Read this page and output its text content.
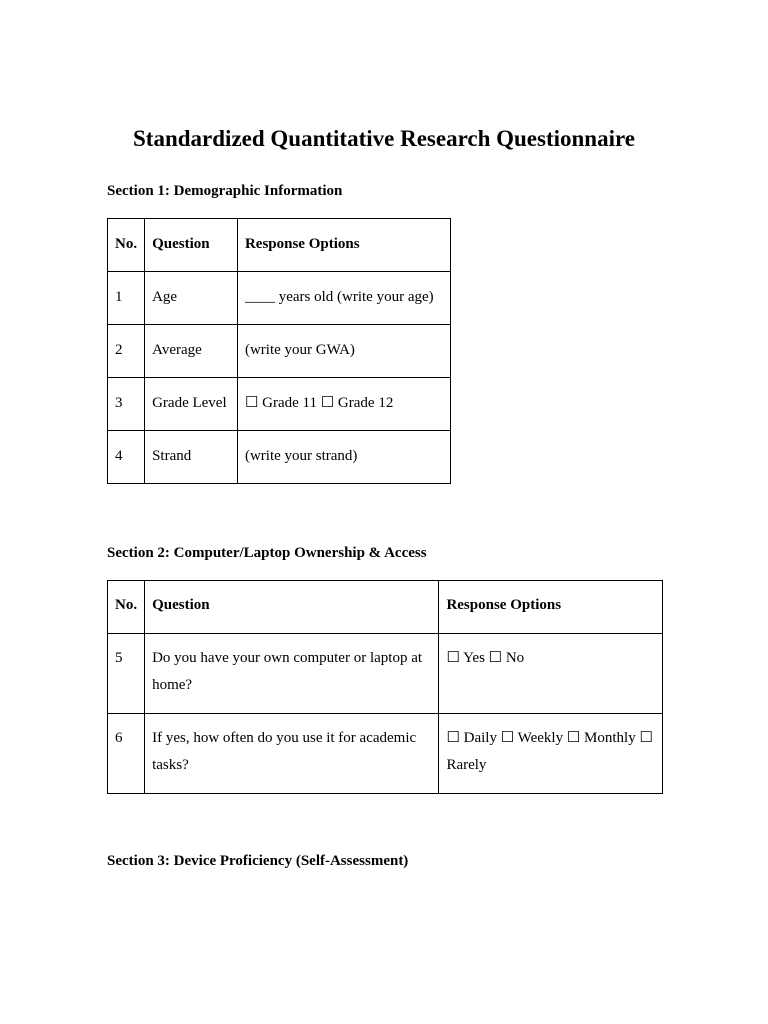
Standardized Quantitative Research Questionnaire
Section 1: Demographic Information
No.	Question	Response Options
1	Age	____ years old (write your age)
2	Average	(write your GWA)
3	Grade Level	☐ Grade 11 ☐ Grade 12
4	Strand	(write your strand)
Section 2: Computer/Laptop Ownership & Access
No.	Question	Response Options
5	Do you have your own computer or laptop at home?	☐ Yes ☐ No
6	If yes, how often do you use it for academic tasks?	☐ Daily ☐ Weekly ☐ Monthly ☐ Rarely
Section 3: Device Proficiency (Self-Assessment)
